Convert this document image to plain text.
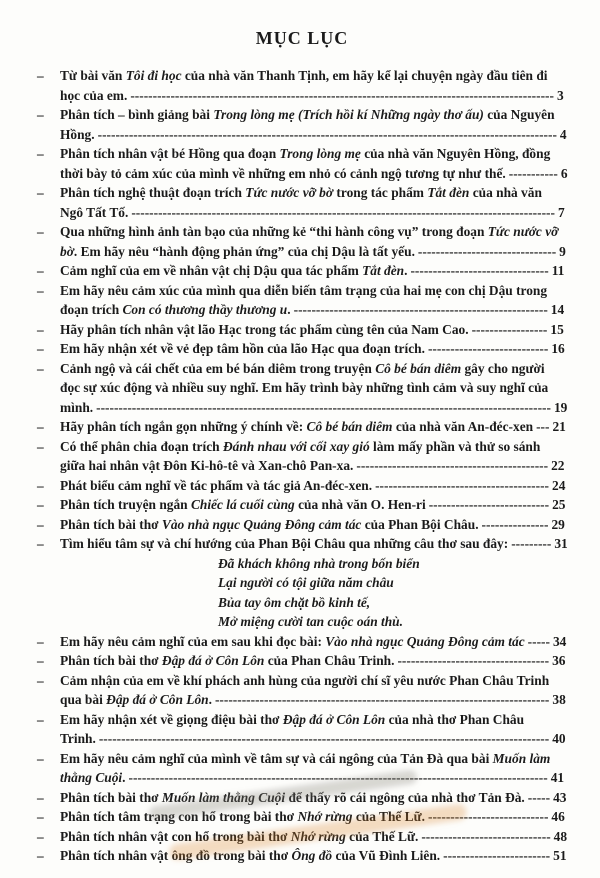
MỤC LỤC
– Từ bài văn Tôi đi học của nhà văn Thanh Tịnh, em hãy kể lại chuyện ngày đầu tiên đi học của em. ----------------------------------------------------------------------------------------------- 3
– Phân tích – bình giảng bài Trong lòng mẹ (Trích hồi kí Những ngày thơ ấu) của Nguyên Hồng. ------------------------------------------------------------------------------------------------------- 4
– Phân tích nhân vật bé Hồng qua đoạn Trong lòng mẹ của nhà văn Nguyên Hồng, đồng thời bày tỏ cảm xúc của mình về những em nhỏ có cảnh ngộ tương tự như thế. ----------- 6
– Phân tích nghệ thuật đoạn trích Tức nước vỡ bờ trong tác phẩm Tắt đèn của nhà văn Ngô Tất Tố. ----------------------------------------------------------------------------------------------- 7
– Qua những hình ảnh tàn bạo của những kẻ “thi hành công vụ” trong đoạn Tức nước vỡ bờ. Em hãy nêu “hành động phản ứng” của chị Dậu là tất yếu. ------------------------------- 9
– Cảm nghĩ của em về nhân vật chị Dậu qua tác phẩm Tắt đèn. ------------------------------- 11
– Em hãy nêu cảm xúc của mình qua diễn biến tâm trạng của hai mẹ con chị Dậu trong đoạn trích Con có thương thầy thương u. --------------------------------------------------------- 14
– Hãy phân tích nhân vật lão Hạc trong tác phẩm cùng tên của Nam Cao. ----------------- 15
– Em hãy nhận xét về vẻ đẹp tâm hồn của lão Hạc qua đoạn trích. --------------------------- 16
– Cảnh ngộ và cái chết của em bé bán diêm trong truyện Cô bé bán diêm gây cho người đọc sự xúc động và nhiều suy nghĩ. Em hãy trình bày những tình cảm và suy nghĩ của mình. ------------------------------------------------------------------------------------------------------ 19
– Hãy phân tích ngắn gọn những ý chính về: Cô bé bán diêm của nhà văn An-đéc-xen --- 21
– Có thể phân chia đoạn trích Đánh nhau với cối xay gió làm mấy phần và thử so sánh giữa hai nhân vật Đôn Ki-hô-tê và Xan-chô Pan-xa. ------------------------------------------- 22
– Phát biểu cảm nghĩ về tác phẩm và tác giả An-đéc-xen. --------------------------------------- 24
– Phân tích truyện ngắn Chiếc lá cuối cùng của nhà văn O. Hen-ri --------------------------- 25
– Phân tích bài thơ Vào nhà ngục Quảng Đông cảm tác của Phan Bội Châu. --------------- 29
– Tìm hiểu tâm sự và chí hướng của Phan Bội Châu qua những câu thơ sau đây: --------- 31
Đã khách không nhà trong bốn biển
Lại người có tội giữa năm châu
Bủa tay ôm chặt bồ kinh tế,
Mở miệng cười tan cuộc oán thù.
– Em hãy nêu cảm nghĩ của em sau khi đọc bài: Vào nhà ngục Quảng Đông cảm tác ----- 34
– Phân tích bài thơ Đập đá ở Côn Lôn của Phan Châu Trinh. ---------------------------------- 36
– Cảm nhận của em về khí phách anh hùng của người chí sĩ yêu nước Phan Châu Trinh qua bài Đập đá ở Côn Lôn. --------------------------------------------------------------------------- 38
– Em hãy nhận xét về giọng điệu bài thơ Đập đá ở Côn Lôn của nhà thơ Phan Châu Trinh. ----------------------------------------------------------------------------------------------------- 40
– Em hãy nêu cảm nghĩ của mình về tâm sự và cái ngông của Tản Đà qua bài Muốn làm thằng Cuội. ---------------------------------------------------------------------------------------------- 41
– Phân tích bài thơ Muốn làm thằng Cuội để thấy rõ cái ngông của nhà thơ Tản Đà. ----- 43
– Phân tích tâm trạng con hổ trong bài thơ Nhớ rừng của Thế Lữ. --------------------------- 46
– Phân tích nhân vật con hổ trong bài thơ Nhớ rừng của Thế Lữ. ----------------------------- 48
– Phân tích nhân vật ông đồ trong bài thơ Ông đồ của Vũ Đình Liên. ------------------------ 51
